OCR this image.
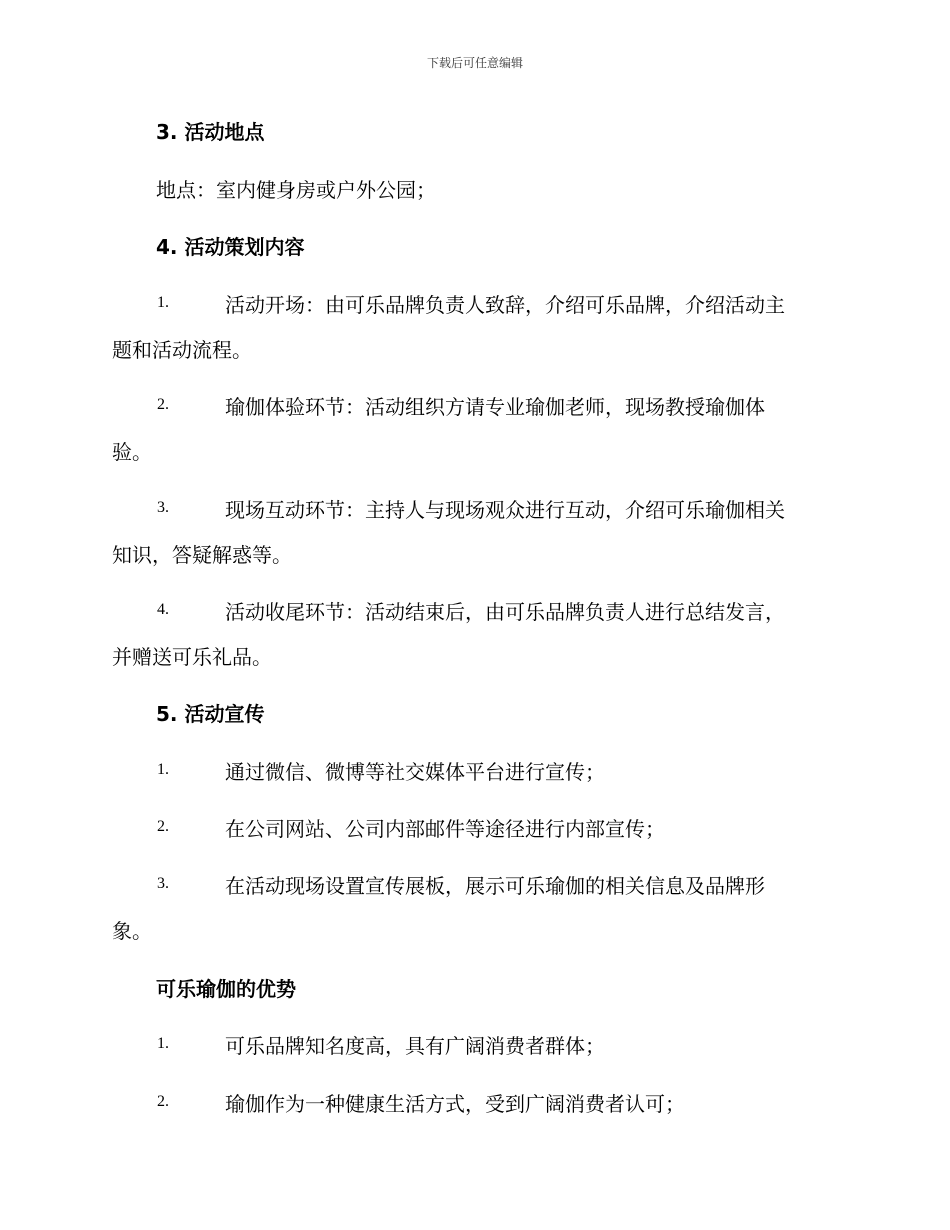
下载后可任意编辑
3. 活动地点
地点：室内健身房或户外公园；
4. 活动策划内容
1.	活动开场：由可乐品牌负责人致辞，介绍可乐品牌，介绍活动主
题和活动流程。
2.	瑜伽体验环节：活动组织方请专业瑜伽老师，现场教授瑜伽体
验。
3.	现场互动环节：主持人与现场观众进行互动，介绍可乐瑜伽相关
知识，答疑解惑等。
4.	活动收尾环节：活动结束后，由可乐品牌负责人进行总结发言，
并赠送可乐礼品。
5. 活动宣传
1.	通过微信、微博等社交媒体平台进行宣传；
2.	在公司网站、公司内部邮件等途径进行内部宣传；
3.	在活动现场设置宣传展板，展示可乐瑜伽的相关信息及品牌形
象。
可乐瑜伽的优势
1.	可乐品牌知名度高，具有广阔消费者群体；
2.	瑜伽作为一种健康生活方式，受到广阔消费者认可；
